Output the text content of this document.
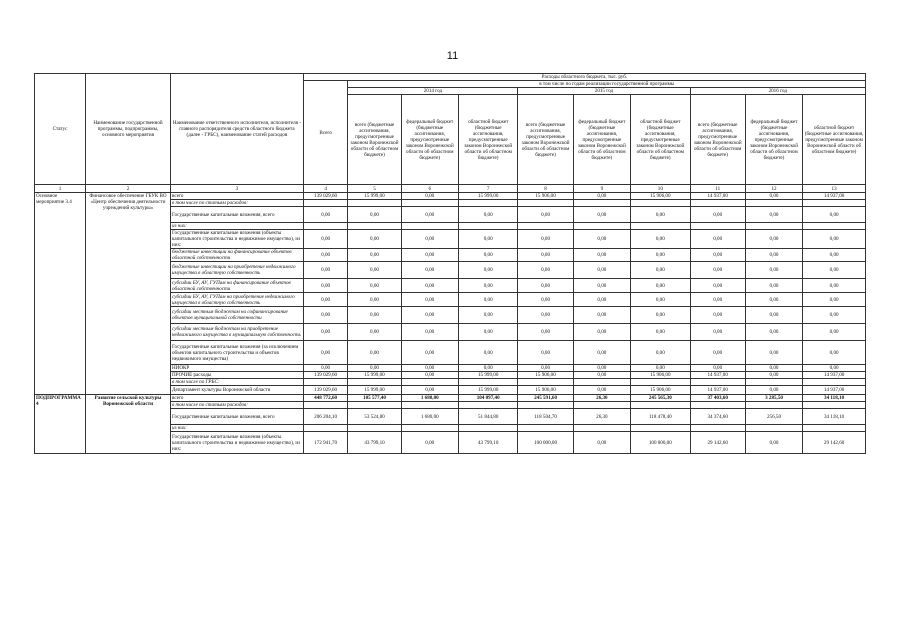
11
Статус	Наименование государственной программы, подпрограммы, основного мероприятия	Наименование ответственного исполнителя, исполнителя - главного распорядителя средств областного бюджета (далее - ГРБС), наименование статей расходов	Расходы областного бюджета, тыс. руб.									
			Всего	в том числе по годам реализации государственной программы								
				2014 год			2015 год			2016 год		
				всего (бюджетные ассигнования, предусмотренные законом Воронежской области об областном бюджете)	федеральный бюджет (бюджетные ассигнования, предусмотренные законом Воронежской области об областном бюджете)	областной бюджет (бюджетные ассигнования, предусмотренные законом Воронежской области об областном бюджете)	всего (бюджетные ассигнования, предусмотренные законом Воронежской области об областном бюджете)	федеральный бюджет (бюджетные ассигнования, предусмотренные законом Воронежской области об областном бюджете)	областной бюджет (бюджетные ассигнования, предусмотренные законом Воронежской области об областном бюджете)	всего (бюджетные ассигнования, предусмотренные законом Воронежской области об областном бюджете)	федеральный бюджет (бюджетные ассигнования, предусмотренные законом Воронежской области об областном бюджете)	областной бюджет (бюджетные ассигнования, предусмотренные законом Воронежской области об областном бюджете)
1	2	3	4	5	6	7	8	9	10	11	12	13
Основное мероприятие 3.4	Финансовое обеспечение ГБУК ВО «Центр обеспечения деятельности учреждений культуры»	всего	139 029,60	15 999,00	0,00	15 999,00	15 906,00	0,00	15 906,00	14 937,00	0,00	14 937,00
		в том числе по статьям расходов:										
		Государственные капитальные вложения, всего	0,00	0,00	0,00	0,00	0,00	0,00	0,00	0,00	0,00	0,00
		из них:										
		Государственные капитальные вложения (объекты капитального строительства и недвижимое имущество), из них:	0,00	0,00	0,00	0,00	0,00	0,00	0,00	0,00	0,00	0,00
		бюджетные инвестиции на финансирование объектов областной собственности	0,00	0,00	0,00	0,00	0,00	0,00	0,00	0,00	0,00	0,00
		бюджетные инвестиции на приобретение недвижимого имущества в областную собственность	0,00	0,00	0,00	0,00	0,00	0,00	0,00	0,00	0,00	0,00
		субсидии БУ, АУ, ГУПам на финансирование объектов областной собственности	0,00	0,00	0,00	0,00	0,00	0,00	0,00	0,00	0,00	0,00
		субсидии БУ, АУ, ГУПам на приобретение недвижимого имущества в областную собственность	0,00	0,00	0,00	0,00	0,00	0,00	0,00	0,00	0,00	0,00
		субсидии местным бюджетам на софинансирование объектов муниципальной собственности	0,00	0,00	0,00	0,00	0,00	0,00	0,00	0,00	0,00	0,00
		субсидии местным бюджетам на приобретение недвижимого имущества в муниципальную собственность	0,00	0,00	0,00	0,00	0,00	0,00	0,00	0,00	0,00	0,00
		Государственные капитальные вложения (за исключением объектов капитального строительства и объектов недвижимого имущества)	0,00	0,00	0,00	0,00	0,00	0,00	0,00	0,00	0,00	0,00
		НИОКР	0,00	0,00	0,00	0,00	0,00	0,00	0,00	0,00	0,00	0,00
		ПРОЧИЕ расходы	139 029,60	15 999,00	0,00	15 999,00	15 906,00	0,00	15 906,00	14 937,00	0,00	14 937,00
		в том числе по ГРБС:										
		Департамент культуры Воронежской области	139 029,60	15 999,00	0,00	15 999,00	15 906,00	0,00	15 906,00	14 937,00	0,00	14 937,00
ПОДПРОГРАММА 4	Развитие сельской культуры Воронежской области	всего	448 772,60	105 577,40	1 680,00	104 097,40	245 591,60	26,30	245 565,30	37 403,60	3 285,50	34 118,10
		в том числе по статьям расходов:										
		Государственные капитальные вложения, всего	206 204,10	53 524,80	1 680,00	51 844,80	118 504,70	26,30	118 478,40	34 374,60	256,50	34 118,10
		из них:										
		Государственные капитальные вложения (объекты капитального строительства и недвижимое имущество), из них:	172 941,70	43 799,10	0,00	43 799,10	100 000,00	0,00	100 000,00	29 142,60	0,00	29 142,60
